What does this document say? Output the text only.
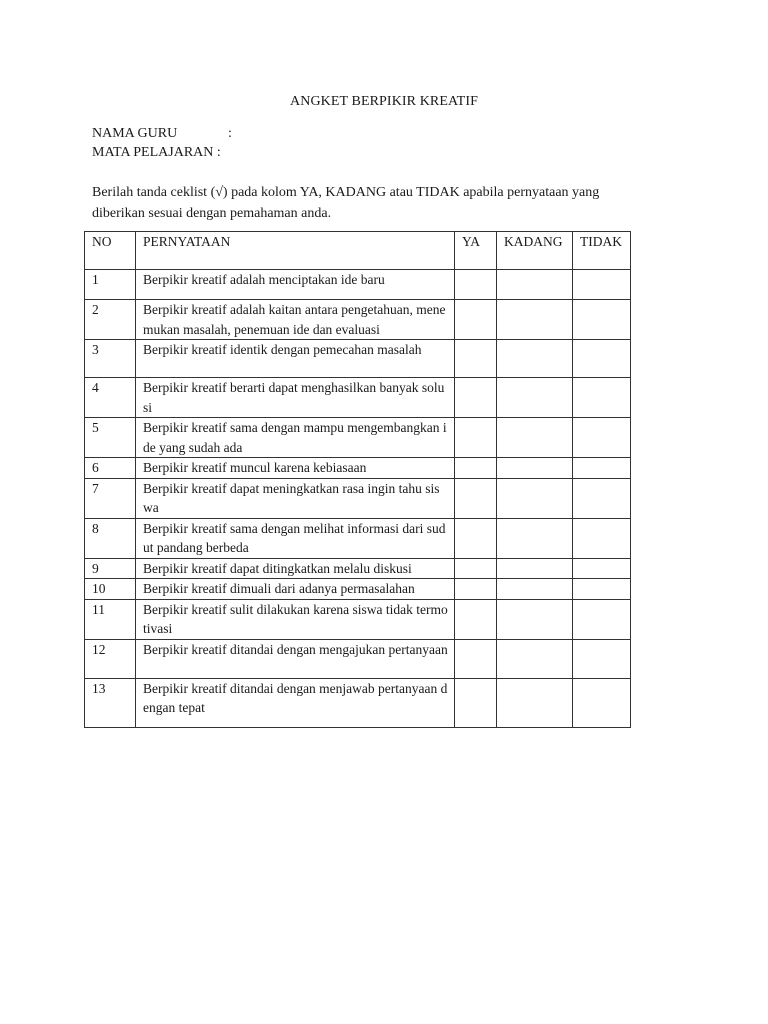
ANGKET BERPIKIR KREATIF
NAMA GURU	:
MATA PELAJARAN :
Berilah tanda ceklist (√) pada kolom YA, KADANG atau TIDAK apabila pernyataan yang diberikan sesuai dengan pemahaman anda.
NO	PERNYATAAN	YA	KADANG	TIDAK
1	Berpikir kreatif adalah menciptakan ide baru			
2	Berpikir kreatif adalah kaitan antara pengetahuan, menemukan masalah, penemuan ide dan evaluasi			
3	Berpikir kreatif identik dengan pemecahan masalah			
4	Berpikir kreatif berarti dapat menghasilkan banyak solusi			
5	Berpikir kreatif sama dengan mampu mengembangkan ide yang sudah ada			
6	Berpikir kreatif muncul karena kebiasaan			
7	Berpikir kreatif dapat meningkatkan rasa ingin tahu siswa			
8	Berpikir kreatif sama dengan melihat informasi dari sudut pandang berbeda			
9	Berpikir kreatif dapat ditingkatkan melalu diskusi			
10	Berpikir kreatif dimuali dari adanya permasalahan			
11	Berpikir kreatif sulit dilakukan karena siswa tidak termotivasi			
12	Berpikir kreatif ditandai dengan mengajukan pertanyaan			
13	Berpikir kreatif ditandai dengan menjawab pertanyaan dengan tepat			
